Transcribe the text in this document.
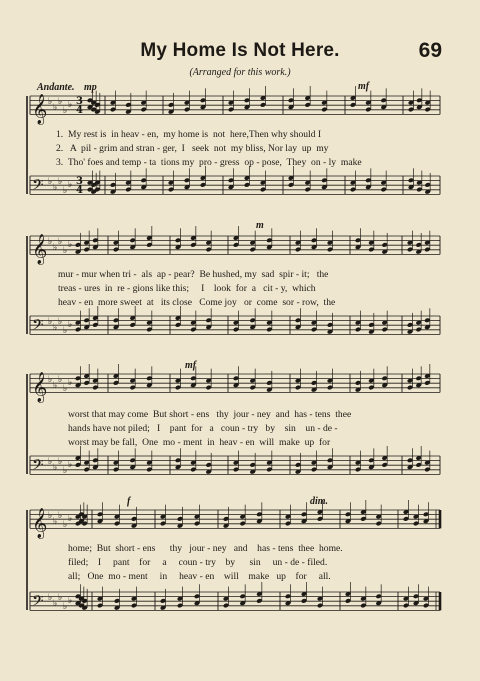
My Home Is Not Here.	69
(Arranged for this work.)
𝄞 ♭
♭
♭
♭
♭ 3
4
𝄢 ♭
♭
♭
♭
♭ 3
4
𝄞 ♭
♭
♭
♭
♭
𝄢 ♭
♭
♭
♭
♭
𝄞 ♭
♭
♭
♭
♭
𝄢 ♭
♭
♭
♭
♭
𝄞 ♭
♭
♭
♭
♭
𝄢 ♭
♭
♭
♭
♭
Andante. mp	mf
m
mf
f	dim.
1.  My rest is  in heav - en,  my home is  not  here,Then why should I
2.   A  pil - grim and stran - ger,  I   seek  not  my bliss, Nor lay  up  my
3.  Tho' foes and temp - ta  tions my  pro - gress  op - pose,  They  on - ly  make
mur - mur when tri -  als  ap - pear?  Be hushed, my  sad  spir - it;   the
treas - ures  in  re - gions like this;     I    look  for  a   cit - y,  which
heav - en  more sweet  at   its close   Come joy   or  come  sor - row,  the
worst that may come  But short - ens   thy  jour - ney  and  has - tens  thee
hands have not piled;   I    pant  for   a   coun - try   by    sin    un - de -
worst may be fall,  One  mo - ment  in  heav - en  will  make  up  for
home;  But  short - ens      thy   jour - ney   and    has - tens  thee  home.
filed;    I     pant    for     a     coun - try    by      sin     un - de - filed.
all;   One  mo - ment     in     heav - en    will    make   up    for     all.
